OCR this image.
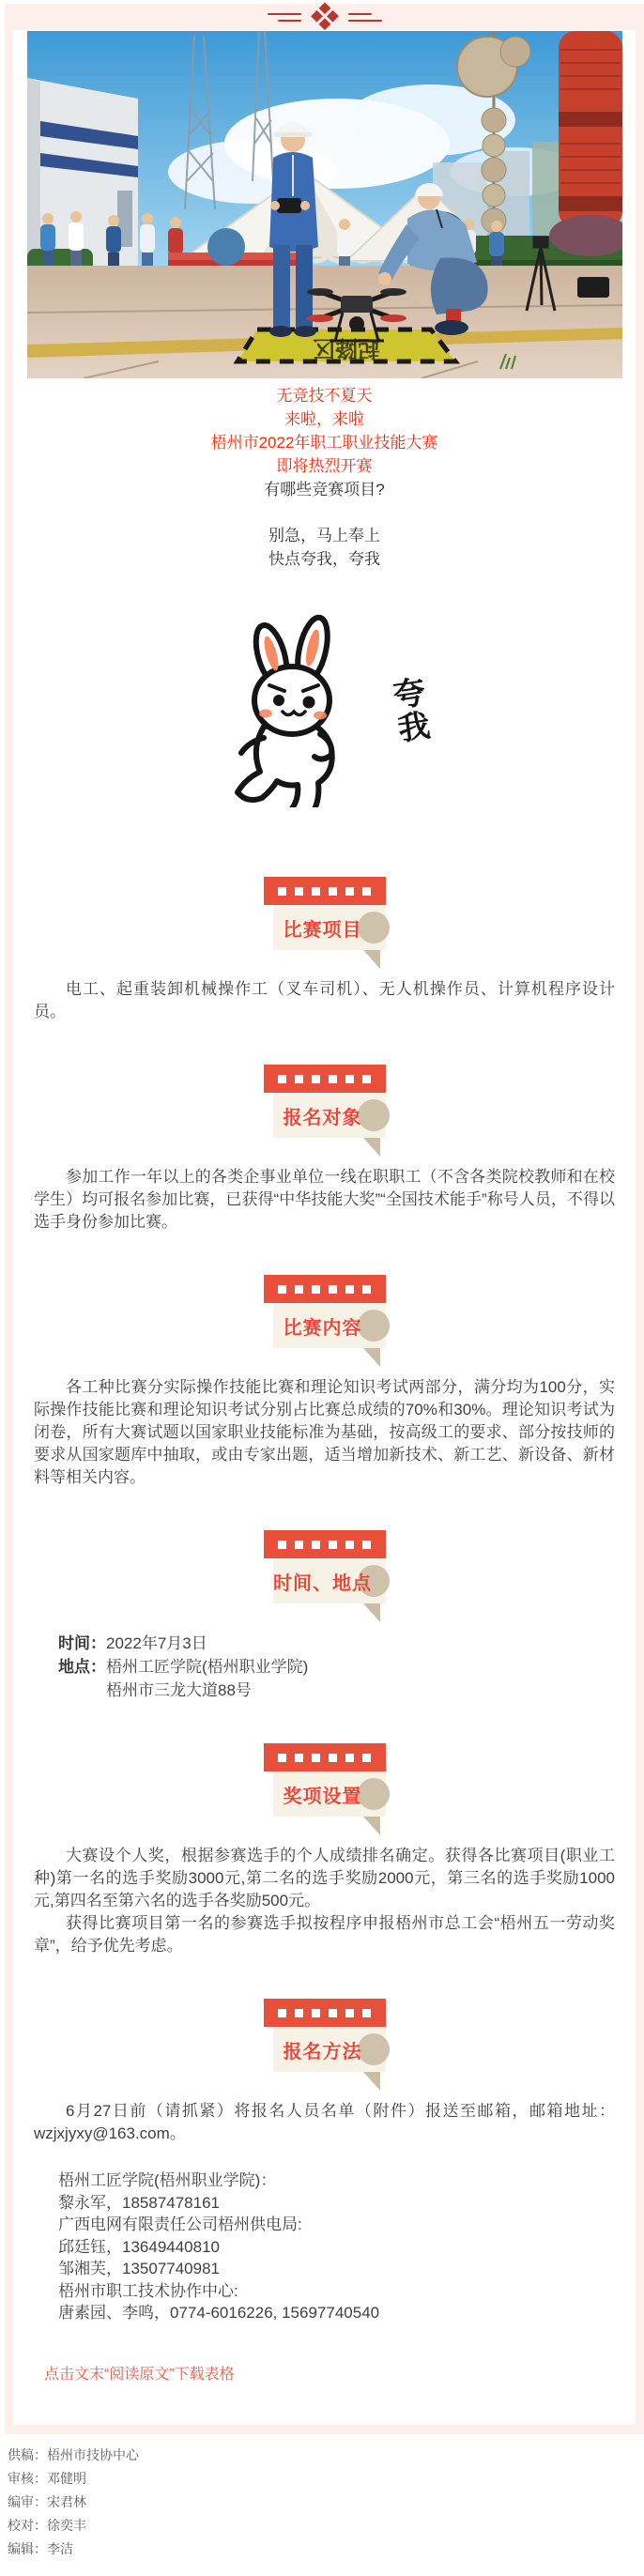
起降区

无竞技不夏天

来啦，来啦

梧州市2022年职工职业技能大赛

即将热烈开赛

有哪些竞赛项目?

别急，马上奉上

快点夸我，夸我

夸我
比赛项目

电工、起重装卸机械操作工（叉车司机）、无人机操作员、计算机程序设计员。

报名对象

参加工作一年以上的各类企事业单位一线在职职工（不含各类院校教师和在校学生）均可报名参加比赛，已获得“中华技能大奖”“全国技术能手”称号人员，不得以选手身份参加比赛。

比赛内容

各工种比赛分实际操作技能比赛和理论知识考试两部分，满分均为100分，实际操作技能比赛和理论知识考试分别占比赛总成绩的70%和30%。理论知识考试为闭卷，所有大赛试题以国家职业技能标准为基础，按高级工的要求、部分按技师的要求从国家题库中抽取，或由专家出题，适当增加新技术、新工艺、新设备、新材料等相关内容。

时间、地点

时间： 2022年7月3日

地点： 梧州工匠学院(梧州职业学院)

梧州市三龙大道88号

奖项设置

大赛设个人奖，根据参赛选手的个人成绩排名确定。获得各比赛项目(职业工种)第一名的选手奖励3000元,第二名的选手奖励2000元，第三名的选手奖励1000元,第四名至第六名的选手各奖励500元。

获得比赛项目第一名的参赛选手拟按程序申报梧州市总工会“梧州五一劳动奖章”，给予优先考虑。

报名方法

6月27日前（请抓紧）将报名人员名单（附件）报送至邮箱，邮箱地址：wzjxjyxy@163.com。

梧州工匠学院(梧州职业学院)：

黎永军，18587478161

广西电网有限责任公司梧州供电局:

邱廷钰，13649440810

邹湘芙，13507740981

梧州市职工技术协作中心:

唐素园、李鸣，0774-6016226, 15697740540

点击文末“阅读原文”下载表格

供稿：梧州市技协中心

审核：邓健明

编审：宋君林

校对：徐奕丰

编辑：李洁
